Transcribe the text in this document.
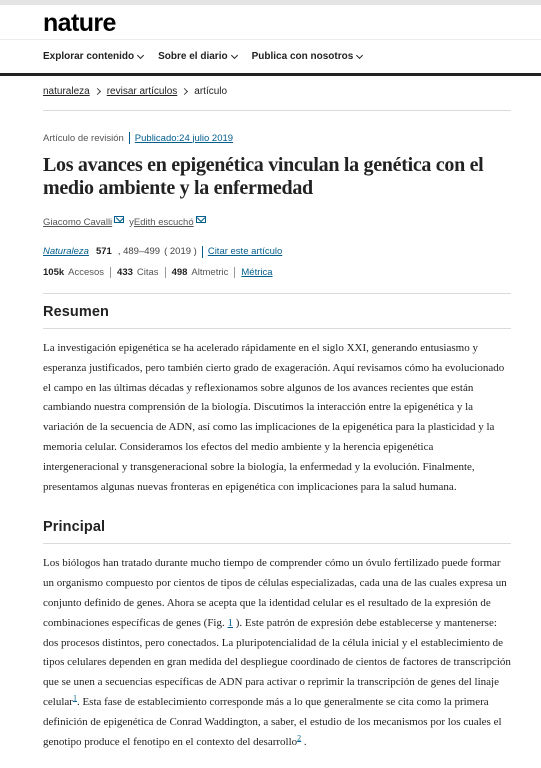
nature
Explorar contenido Sobre el diario Publica con nosotros
naturaleza revisar artículos artículo
Artículo de revisión Publicado:24 julio 2019
Los avances en epigenética vinculan la genética con el medio ambiente y la enfermedad
Giacomo Cavalli y Edith escuchó
Naturaleza 571 , 489–499 ( 2019 ) Citar este artículo
105k Accesos 433 Citas 498 Altmetric Métrica
Resumen

La investigación epigenética se ha acelerado rápidamente en el siglo XXI, generando entusiasmo y esperanza justificados, pero también cierto grado de exageración. Aquí revisamos cómo ha evolucionado el campo en las últimas décadas y reflexionamos sobre algunos de los avances recientes que están cambiando nuestra comprensión de la biología. Discutimos la interacción entre la epigenética y la variación de la secuencia de ADN, así como las implicaciones de la epigenética para la plasticidad y la memoria celular. Consideramos los efectos del medio ambiente y la herencia epigenética intergeneracional y transgeneracional sobre la biología, la enfermedad y la evolución. Finalmente, presentamos algunas nuevas fronteras en epigenética con implicaciones para la salud humana.

Principal

Los biólogos han tratado durante mucho tiempo de comprender cómo un óvulo fertilizado puede formar un organismo compuesto por cientos de tipos de células especializadas, cada una de las cuales expresa un conjunto definido de genes. Ahora se acepta que la identidad celular es el resultado de la expresión de combinaciones específicas de genes (Fig. 1 ). Este patrón de expresión debe establecerse y mantenerse: dos procesos distintos, pero conectados. La pluripotencialidad de la célula inicial y el establecimiento de tipos celulares dependen en gran medida del despliegue coordinado de cientos de factores de transcripción que se unen a secuencias específicas de ADN para activar o reprimir la transcripción de genes del linaje celular$^1$. Esta fase de establecimiento corresponde más a lo que generalmente se cita como la primera definición de epigenética de Conrad Waddington, a saber, el estudio de los mecanismos por los cuales el genotipo produce el fenotipo en el contexto del desarrollo$^2$ .
